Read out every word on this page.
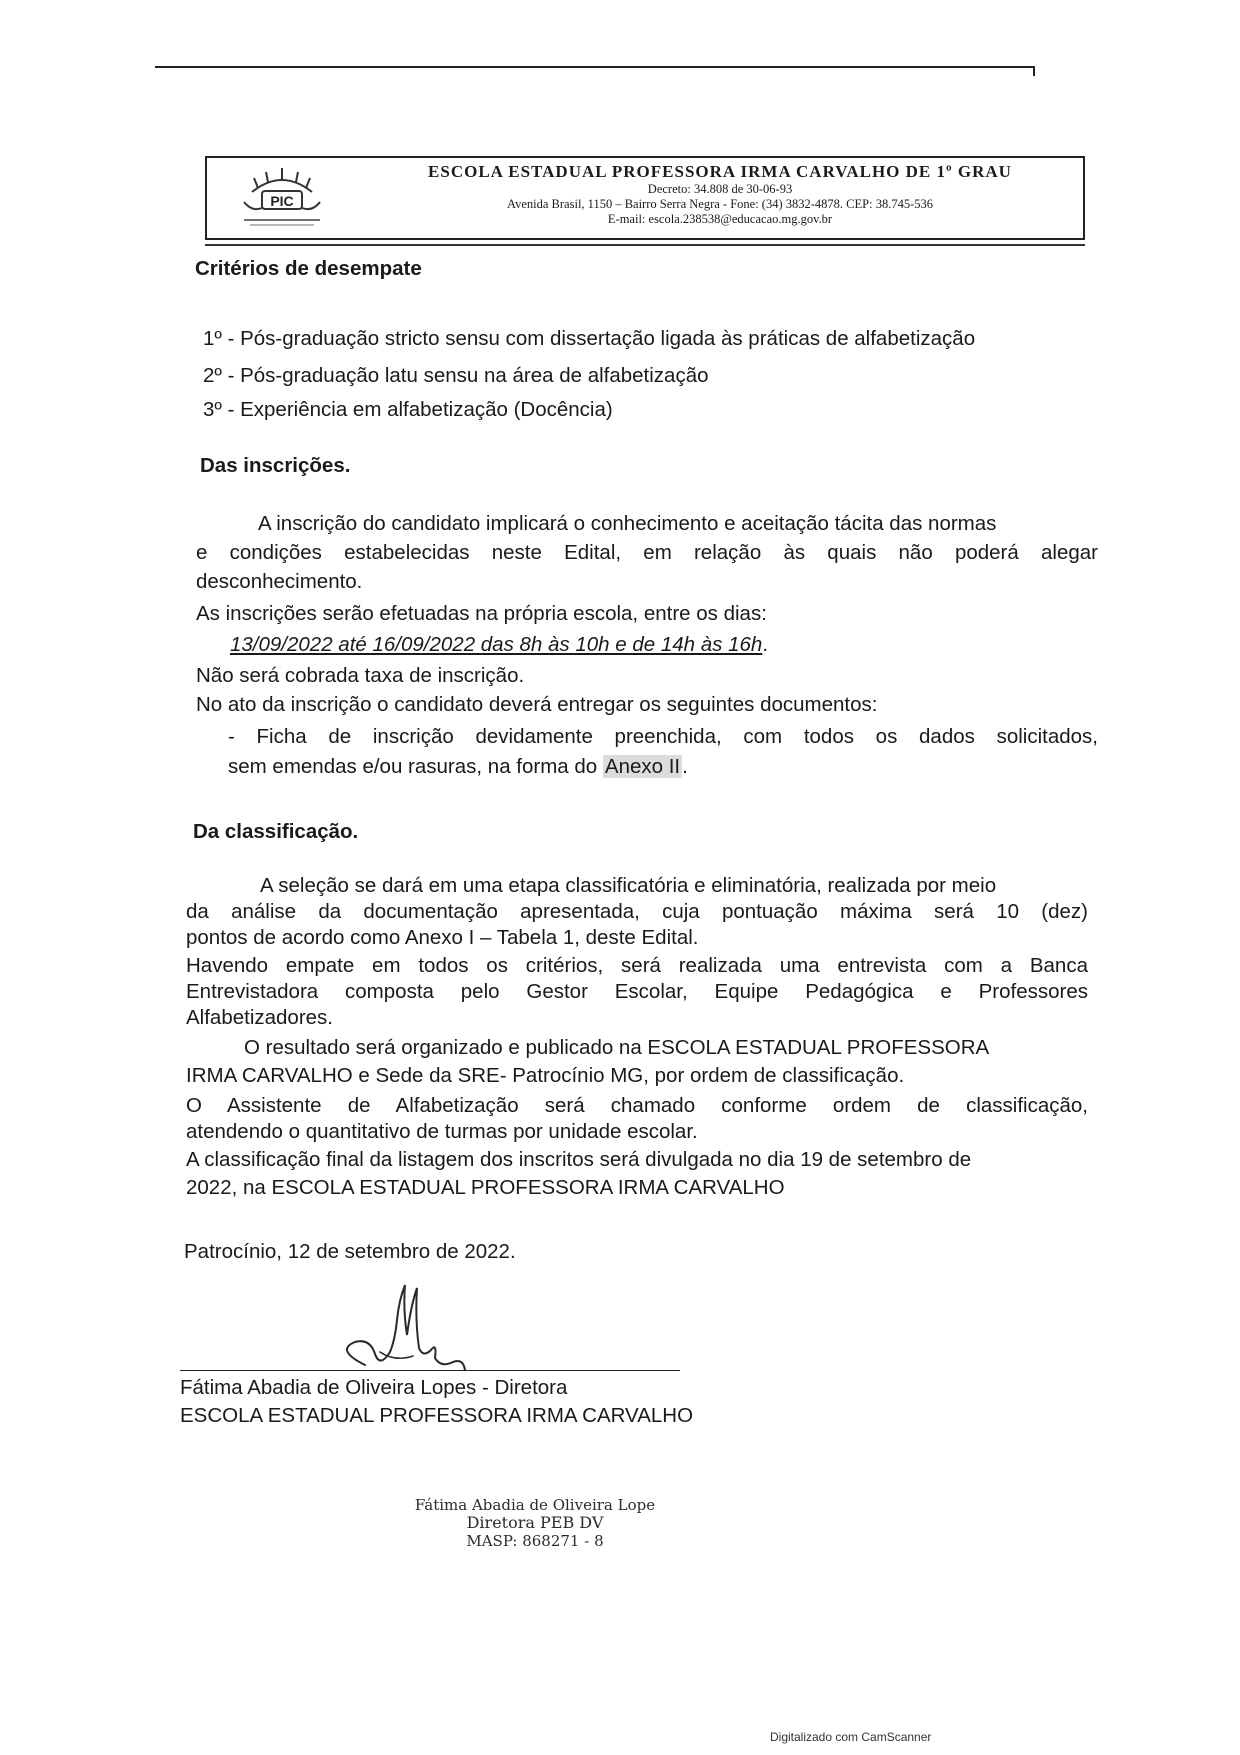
ESCOLA ESTADUAL PROFESSORA IRMA CARVALHO DE 1º GRAU
Decreto: 34.808 de 30-06-93
Avenida Brasil, 1150 – Bairro Serra Negra - Fone: (34) 3832-4878. CEP: 38.745-536
E-mail: escola.238538@educacao.mg.gov.br
PIC
Critérios de desempate
1º - Pós-graduação stricto sensu com dissertação ligada às práticas de alfabetização
2º - Pós-graduação latu sensu na área de alfabetização
3º - Experiência em alfabetização (Docência)
Das inscrições.
A inscrição do candidato implicará o conhecimento e aceitação tácita das normas
e condições estabelecidas neste Edital, em relação às quais não poderá alegar
desconhecimento.
As inscrições serão efetuadas na própria escola, entre os dias:
13/09/2022 até 16/09/2022 das 8h às 10h e de 14h às 16h.
Não será cobrada taxa de inscrição.
No ato da inscrição o candidato deverá entregar os seguintes documentos:
- Ficha de inscrição devidamente preenchida, com todos os dados solicitados,
sem emendas e/ou rasuras, na forma do Anexo II.
Da classificação.
A seleção se dará em uma etapa classificatória e eliminatória, realizada por meio
da análise da documentação apresentada, cuja pontuação máxima será 10 (dez)
pontos de acordo como Anexo I – Tabela 1, deste Edital.
Havendo empate em todos os critérios, será realizada uma entrevista com a Banca
Entrevistadora composta pelo Gestor Escolar, Equipe Pedagógica e Professores
Alfabetizadores.
O resultado será organizado e publicado na ESCOLA ESTADUAL PROFESSORA
IRMA CARVALHO e Sede da SRE- Patrocínio MG, por ordem de classificação.
O Assistente de Alfabetização será chamado conforme ordem de classificação,
atendendo o quantitativo de turmas por unidade escolar.
A classificação final da listagem dos inscritos será divulgada no dia 19 de setembro de
2022, na ESCOLA ESTADUAL PROFESSORA IRMA CARVALHO
Patrocínio, 12 de setembro de 2022.
Fátima Abadia de Oliveira Lopes - Diretora
ESCOLA ESTADUAL PROFESSORA IRMA CARVALHO
Fátima Abadia de Oliveira Lope
Diretora PEB DV
MASP: 868271 - 8
Digitalizado com CamScanner
